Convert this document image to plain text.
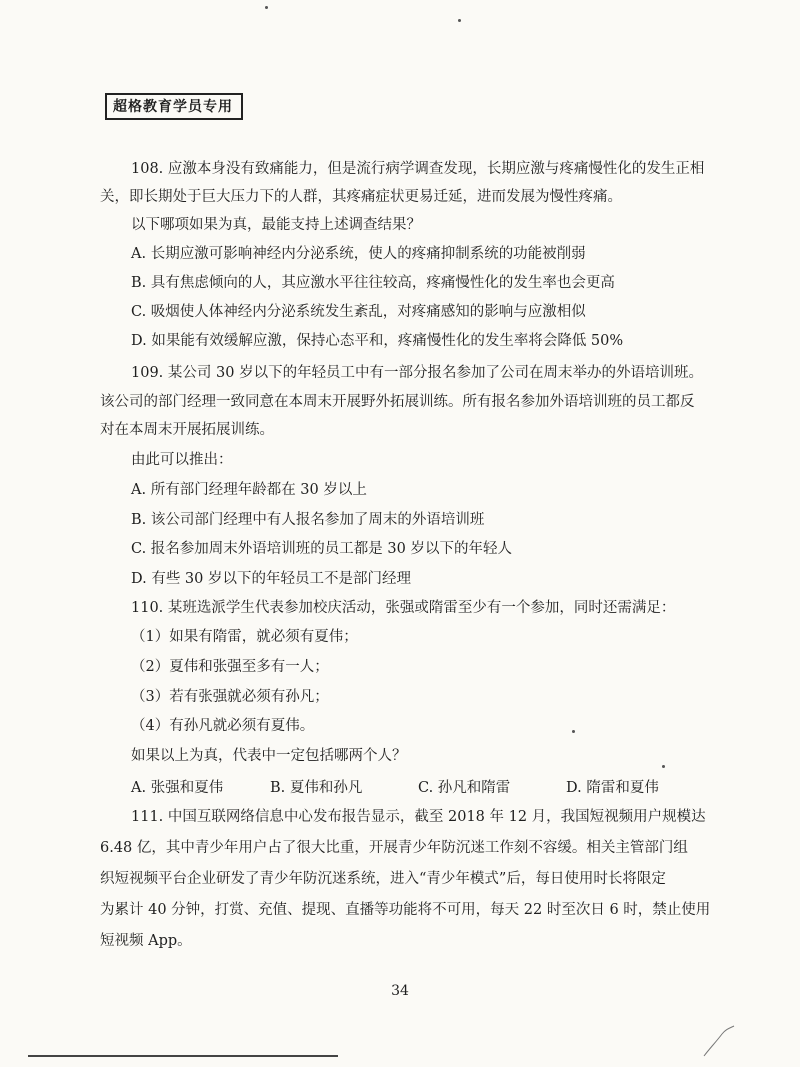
超格教育学员专用
108. 应激本身没有致痛能力，但是流行病学调查发现，长期应激与疼痛慢性化的发生正相
关，即长期处于巨大压力下的人群，其疼痛症状更易迁延，进而发展为慢性疼痛。
以下哪项如果为真，最能支持上述调查结果？
A. 长期应激可影响神经内分泌系统，使人的疼痛抑制系统的功能被削弱
B. 具有焦虑倾向的人，其应激水平往往较高，疼痛慢性化的发生率也会更高
C. 吸烟使人体神经内分泌系统发生紊乱，对疼痛感知的影响与应激相似
D. 如果能有效缓解应激，保持心态平和，疼痛慢性化的发生率将会降低 50%
109. 某公司 30 岁以下的年轻员工中有一部分报名参加了公司在周末举办的外语培训班。
该公司的部门经理一致同意在本周末开展野外拓展训练。所有报名参加外语培训班的员工都反
对在本周末开展拓展训练。
由此可以推出：
A. 所有部门经理年龄都在 30 岁以上
B. 该公司部门经理中有人报名参加了周末的外语培训班
C. 报名参加周末外语培训班的员工都是 30 岁以下的年轻人
D. 有些 30 岁以下的年轻员工不是部门经理
110. 某班选派学生代表参加校庆活动，张强或隋雷至少有一个参加，同时还需满足：
（1）如果有隋雷，就必须有夏伟；
（2）夏伟和张强至多有一人；
（3）若有张强就必须有孙凡；
（4）有孙凡就必须有夏伟。
如果以上为真，代表中一定包括哪两个人？
A. 张强和夏伟	B. 夏伟和孙凡	C. 孙凡和隋雷	D. 隋雷和夏伟
111. 中国互联网络信息中心发布报告显示，截至 2018 年 12 月，我国短视频用户规模达
6.48 亿，其中青少年用户占了很大比重，开展青少年防沉迷工作刻不容缓。相关主管部门组
织短视频平台企业研发了青少年防沉迷系统，进入“青少年模式”后，每日使用时长将限定
为累计 40 分钟，打赏、充值、提现、直播等功能将不可用，每天 22 时至次日 6 时，禁止使用
短视频 App。
34
